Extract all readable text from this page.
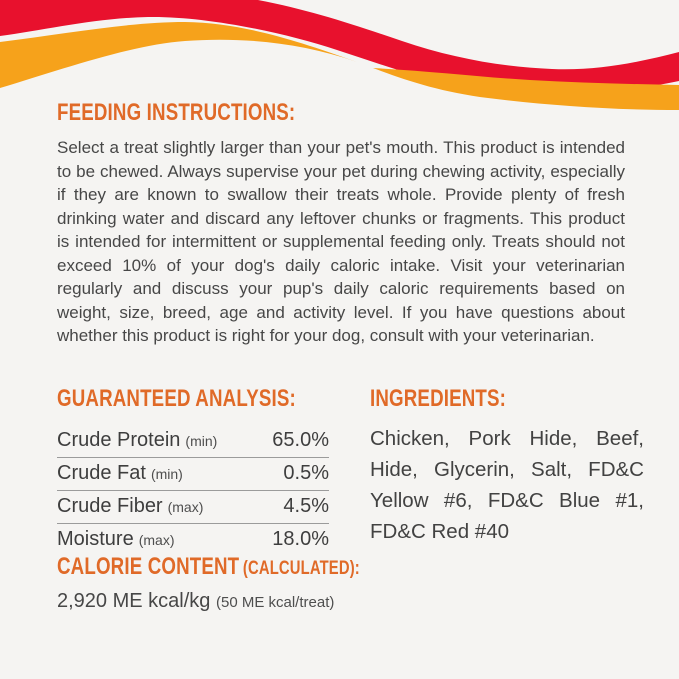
FEEDING INSTRUCTIONS:

Select a treat slightly larger than your pet's mouth. This product is intended to be chewed. Always supervise your pet during chewing activity, especially if they are known to swallow their treats whole. Provide plenty of fresh drinking water and discard any leftover chunks or fragments. This product is intended for intermittent or supplemental feeding only. Treats should not exceed 10% of your dog's daily caloric intake. Visit your veterinarian regularly and discuss your pup's daily caloric requirements based on weight, size, breed, age and activity level. If you have questions about whether this product is right for your dog, consult with your veterinarian.

GUARANTEED ANALYSIS:
Crude Protein (min)	65.0%
Crude Fat (min)	0.5%
Crude Fiber (max)	4.5%
Moisture (max)	18.0%
CALORIE CONTENT (CALCULATED):
2,920 ME kcal/kg (50 ME kcal/treat)
INGREDIENTS:

Chicken, Pork Hide, Beef, Hide, Glycerin, Salt, FD&C Yellow #6, FD&C Blue #1, FD&C Red #40
